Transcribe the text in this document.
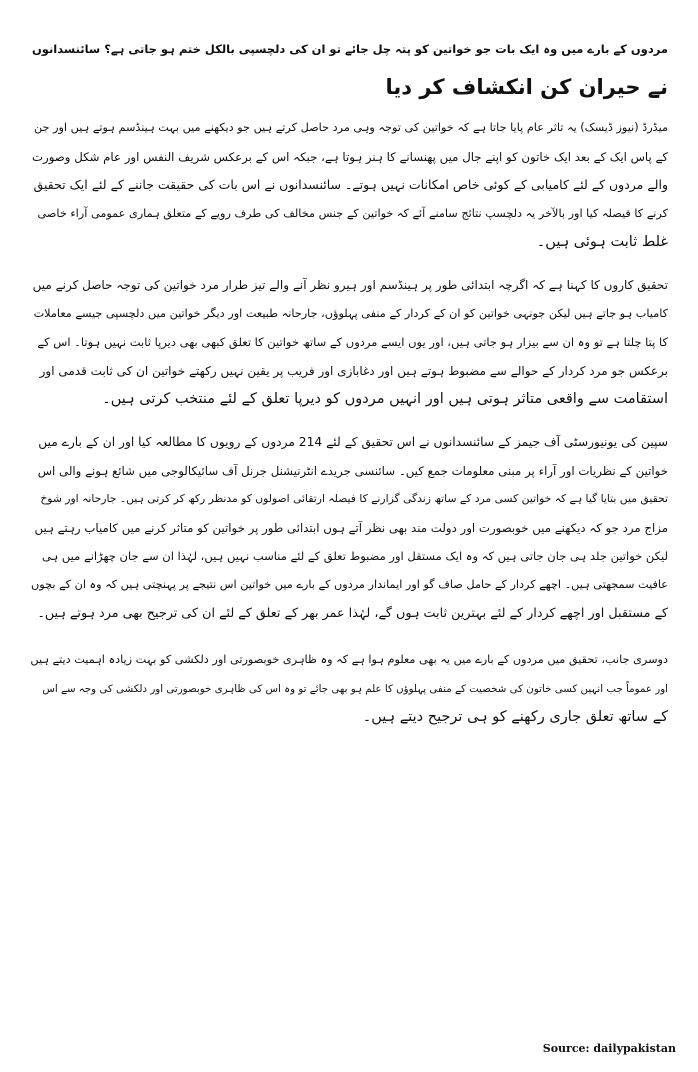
مردوں کے بارے میں وہ ایک بات جو خواتین کو پتہ چل جائے تو ان کی دلچسپی بالکل ختم ہو جاتی ہے؟ سائنسدانوں
نے حیران کن انکشاف کر دیا

میڈرڈ (نیوز ڈیسک) یہ تاثر عام پایا جاتا ہے کہ خواتین کی توجہ وہی مرد حاصل کرتے ہیں جو دیکھنے میں بہت ہینڈسم ہوتے ہیں اور جن
کے پاس ایک کے بعد ایک خاتون کو اپنے جال میں پھنسانے کا ہنر ہوتا ہے، جبکہ اس کے برعکس شریف النفس اور عام شکل وصورت
والے مردوں کے لئے کامیابی کے کوئی خاص امکانات نہیں ہوتے۔ سائنسدانوں نے اس بات کی حقیقت جاننے کے لئے ایک تحقیق
کرنے کا فیصلہ کیا اور بالآخر یہ دلچسپ نتائج سامنے آئے کہ خواتین کے جنس مخالف کی طرف رویے کے متعلق ہماری عمومی آراء خاصی
غلط ثابت ہوئی ہیں۔

تحقیق کاروں کا کہنا ہے کہ اگرچہ ابتدائی طور پر ہینڈسم اور ہیرو نظر آنے والے تیز طرار مرد خواتین کی توجہ حاصل کرنے میں
کامیاب ہو جاتے ہیں لیکن جونہی خواتین کو ان کے کردار کے منفی پہلوؤں، جارحانہ طبیعت اور دیگر خواتین میں دلچسپی جیسے معاملات
کا پتا چلتا ہے تو وہ ان سے بیزار ہو جاتی ہیں، اور یوں ایسے مردوں کے ساتھ خواتین کا تعلق کبھی بھی دیرپا ثابت نہیں ہوتا۔ اس کے
برعکس جو مرد کردار کے حوالے سے مضبوط ہوتے ہیں اور دغابازی اور فریب پر یقین نہیں رکھتے خواتین ان کی ثابت قدمی اور
استقامت سے واقعی متاثر ہوتی ہیں اور انہیں مردوں کو دیرپا تعلق کے لئے منتخب کرتی ہیں۔

سپین کی یونیورسٹی آف جیمز کے سائنسدانوں نے اس تحقیق کے لئے 214 مردوں کے رویوں کا مطالعہ کیا اور ان کے بارے میں
خواتین کے نظریات اور آراء پر مبنی معلومات جمع کیں۔ سائنسی جریدے انٹرنیشنل جرنل آف سائیکالوجی میں شائع ہونے والی اس
تحقیق میں بتایا گیا ہے کہ خواتین کسی مرد کے ساتھ زندگی گزارنے کا فیصلہ ارتقائی اصولوں کو مدنظر رکھ کر کرتی ہیں۔ جارحانہ اور شوخ
مزاج مرد جو کہ دیکھنے میں خوبصورت اور دولت مند بھی نظر آتے ہوں ابتدائی طور پر خواتین کو متاثر کرنے میں کامیاب رہتے ہیں
لیکن خواتین جلد ہی جان جاتی ہیں کہ وہ ایک مستقل اور مضبوط تعلق کے لئے مناسب نہیں ہیں، لہٰذا ان سے جان چھڑانے میں ہی
عافیت سمجھتی ہیں۔ اچھے کردار کے حامل صاف گو اور ایماندار مردوں کے بارے میں خواتین اس نتیجے پر پہنچتی ہیں کہ وہ ان کے بچوں
کے مستقبل اور اچھے کردار کے لئے بہترین ثابت ہوں گے، لہٰذا عمر بھر کے تعلق کے لئے ان کی ترجیح بھی مرد ہوتے ہیں۔

دوسری جانب، تحقیق میں مردوں کے بارے میں یہ بھی معلوم ہوا ہے کہ وہ ظاہری خوبصورتی اور دلکشی کو بہت زیادہ اہمیت دیتے ہیں
اور عموماً جب انہیں کسی خاتون کی شخصیت کے منفی پہلوؤں کا علم ہو بھی جائے تو وہ اس کی ظاہری خوبصورتی اور دلکشی کی وجہ سے اس
کے ساتھ تعلق جاری رکھنے کو ہی ترجیح دیتے ہیں۔

Source: dailypakistan
